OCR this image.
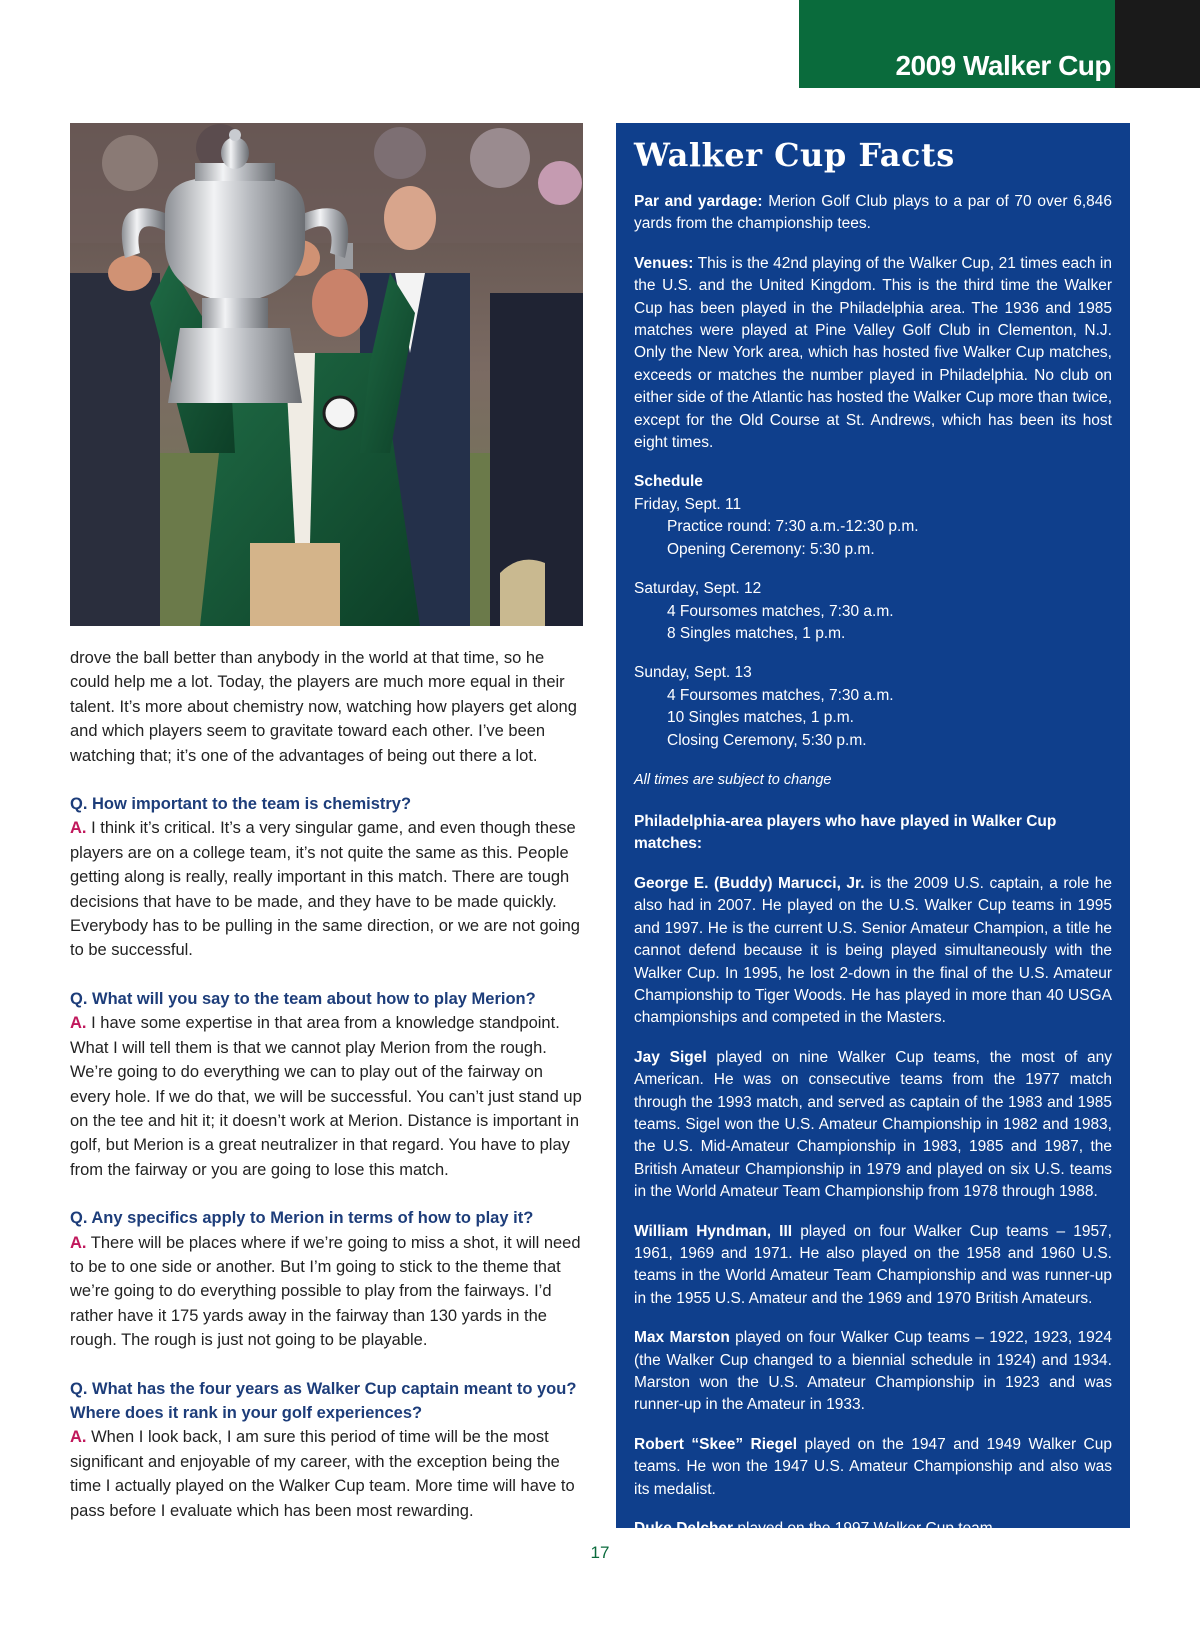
2009 Walker Cup

drove the ball better than anybody in the world at that time, so he could help me a lot. Today, the players are much more equal in their talent. It’s more about chemistry now, watching how players get along and which players seem to gravitate toward each other. I’ve been watching that; it’s one of the advantages of being out there a lot.

Q. How important to the team is chemistry?
A. I think it’s critical. It’s a very singular game, and even though these players are on a college team, it’s not quite the same as this. People getting along is really, really important in this match. There are tough decisions that have to be made, and they have to be made quickly. Everybody has to be pulling in the same direction, or we are not going to be successful.

Q. What will you say to the team about how to play Merion?
A. I have some expertise in that area from a knowledge standpoint. What I will tell them is that we cannot play Merion from the rough. We’re going to do everything we can to play out of the fairway on every hole. If we do that, we will be successful. You can’t just stand up on the tee and hit it; it doesn’t work at Merion. Distance is important in golf, but Merion is a great neutralizer in that regard. You have to play from the fairway or you are going to lose this match.

Q. Any specifics apply to Merion in terms of how to play it?
A. There will be places where if we’re going to miss a shot, it will need to be to one side or another. But I’m going to stick to the theme that we’re going to do everything possible to play from the fairways. I’d rather have it 175 yards away in the fairway than 130 yards in the rough. The rough is just not going to be playable.

Q. What has the four years as Walker Cup captain meant to you? Where does it rank in your golf experiences?
A. When I look back, I am sure this period of time will be the most significant and enjoyable of my career, with the exception being the time I actually played on the Walker Cup team. More time will have to pass before I evaluate which has been most rewarding.

Walker Cup Facts

Par and yardage: Merion Golf Club plays to a par of 70 over 6,846 yards from the championship tees.

Venues: This is the 42nd playing of the Walker Cup, 21 times each in the U.S. and the United Kingdom. This is the third time the Walker Cup has been played in the Philadelphia area. The 1936 and 1985 matches were played at Pine Valley Golf Club in Clementon, N.J. Only the New York area, which has hosted five Walker Cup matches, exceeds or matches the number played in Philadelphia. No club on either side of the Atlantic has hosted the Walker Cup more than twice, except for the Old Course at St. Andrews, which has been its host eight times.

Schedule
Friday, Sept. 11
Practice round: 7:30 a.m.-12:30 p.m.
Opening Ceremony: 5:30 p.m.
Saturday, Sept. 12
4 Foursomes matches, 7:30 a.m.
8 Singles matches, 1 p.m.
Sunday, Sept. 13
4 Foursomes matches, 7:30 a.m.
10 Singles matches, 1 p.m.
Closing Ceremony, 5:30 p.m.
All times are subject to change
Philadelphia-area players who have played in Walker Cup matches:

George E. (Buddy) Marucci, Jr. is the 2009 U.S. captain, a role he also had in 2007. He played on the U.S. Walker Cup teams in 1995 and 1997. He is the current U.S. Senior Amateur Champion, a title he cannot defend because it is being played simultaneously with the Walker Cup. In 1995, he lost 2-down in the final of the U.S. Amateur Championship to Tiger Woods. He has played in more than 40 USGA championships and competed in the Masters.

Jay Sigel played on nine Walker Cup teams, the most of any American. He was on consecutive teams from the 1977 match through the 1993 match, and served as captain of the 1983 and 1985 teams. Sigel won the U.S. Amateur Championship in 1982 and 1983, the U.S. Mid-Amateur Championship in 1983, 1985 and 1987, the British Amateur Championship in 1979 and played on six U.S. teams in the World Amateur Team Championship from 1978 through 1988.

William Hyndman, III played on four Walker Cup teams – 1957, 1961, 1969 and 1971. He also played on the 1958 and 1960 U.S. teams in the World Amateur Team Championship and was runner-up in the 1955 U.S. Amateur and the 1969 and 1970 British Amateurs.

Max Marston played on four Walker Cup teams – 1922, 1923, 1924 (the Walker Cup changed to a biennial schedule in 1924) and 1934. Marston won the U.S. Amateur Championship in 1923 and was runner-up in the Amateur in 1933.

Robert “Skee” Riegel played on the 1947 and 1949 Walker Cup teams. He won the 1947 U.S. Amateur Championship and also was its medalist.

Duke Delcher played on the 1997 Walker Cup team.

J. Wood Platt played in the 1921 match in the UK that led to the formal start of Walker Cup matches the following year at National Golf Links on Long Island.

17
